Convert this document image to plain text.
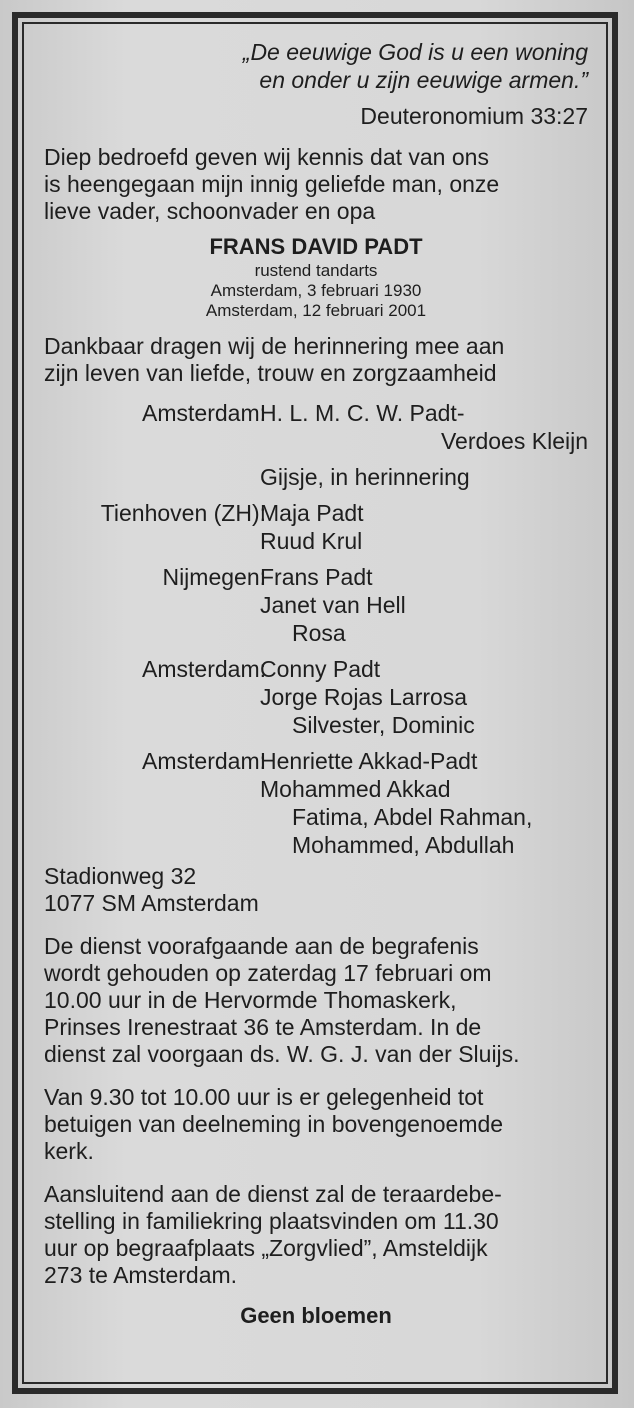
„De eeuwige God is u een woning

en onder u zijn eeuwige armen.”

Deuteronomium 33:27

Diep bedroefd geven wij kennis dat van ons

is heengegaan mijn innig geliefde man, onze

lieve vader, schoonvader en opa

FRANS DAVID PADT
rustend tandarts
Amsterdam, 3 februari 1930
Amsterdam, 12 februari 2001

Dankbaar dragen wij de herinnering mee aan

zijn leven van liefde, trouw en zorgzaamheid

Amsterdam:
H. L. M. C. W. Padt-
Verdoes Kleijn
Gijsje, in herinnering
Tienhoven (ZH):
Maja Padt
Ruud Krul
Nijmegen:
Frans Padt
Janet van Hell
Rosa
Amsterdam:
Conny Padt
Jorge Rojas Larrosa
Silvester, Dominic
Amsterdam:
Henriette Akkad-Padt
Mohammed Akkad
Fatima, Abdel Rahman,
Mohammed, Abdullah

Stadionweg 32

1077 SM Amsterdam

De dienst voorafgaande aan de begrafenis

wordt gehouden op zaterdag 17 februari om

10.00 uur in de Hervormde Thomaskerk,

Prinses Irenestraat 36 te Amsterdam. In de

dienst zal voorgaan ds. W. G. J. van der Sluijs.

Van 9.30 tot 10.00 uur is er gelegenheid tot

betuigen van deelneming in bovengenoemde

kerk.

Aansluitend aan de dienst zal de teraardebe-

stelling in familiekring plaatsvinden om 11.30

uur op begraafplaats „Zorgvlied”, Amsteldijk

273 te Amsterdam.

Geen bloemen
